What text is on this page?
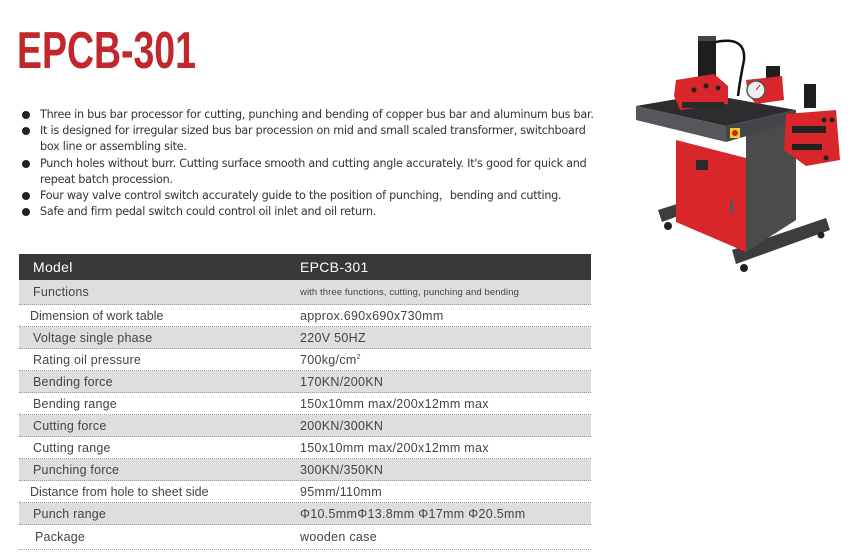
EPCB-301
Three in bus bar processor for cutting, punching and bending of copper bus bar and aluminum bus bar.
It is designed for irregular sized bus bar procession on mid and small scaled transformer, switchboard box line or assembling site.
Punch holes without burr. Cutting surface smooth and cutting angle accurately. It's good for quick and repeat batch procession.
Four way valve control switch accurately guide to the position of punching，bending and cutting.
Safe and firm pedal switch could control oil inlet and oil return.
Model	EPCB-301
Functions	with three functions, cutting, punching and bending
Dimension of work table	approx.690x690x730mm
Voltage single phase	220V 50HZ
Rating oil pressure	$700kg/cm^2$
Bending force	170KN/200KN
Bending range	150x10mm max/200x12mm max
Cutting force	200KN/300KN
Cutting range	150x10mm max/200x12mm max
Punching force	300KN/350KN
Distance from hole to sheet side	95mm/110mm
Punch range	Φ10.5mmΦ13.8mm Φ17mm Φ20.5mm
Package	wooden case
